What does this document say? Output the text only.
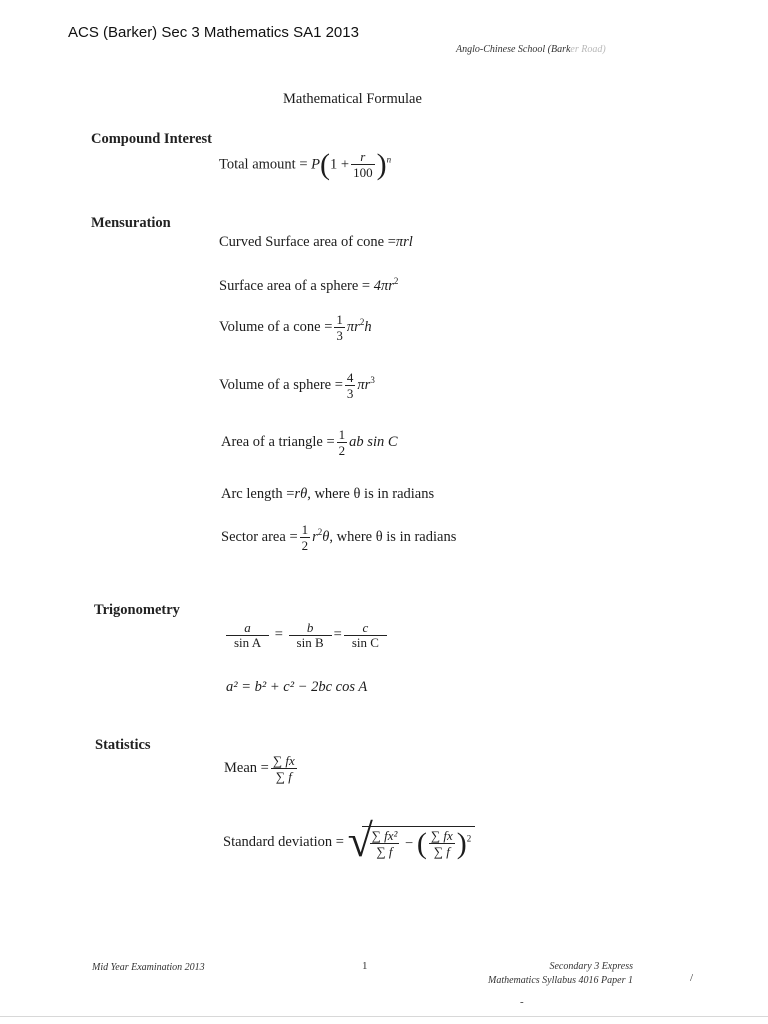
ACS (Barker) Sec 3 Mathematics SA1 2013
Anglo-Chinese School (Barker Road)
Mathematical Formulae
Compound Interest
Total amount = $P(1 + \frac{r}{100} )^n$
Mensuration
Curved Surface area of cone =πrl
Surface area of a sphere = $4\pi r^2$
Volume of a cone = $\frac{1}{3} \pi r^2h$
Volume of a sphere = $\frac{4}{3} \pi r^3$
Area of a triangle = $\frac{1}{2}$ ab sin C
Arc length =rθ, where θ is in radians
Sector area = $\frac{1}{2} r^2\theta$, where θ is in radians
Trigonometry
$\frac{a}{\text{sin A}} = \frac{b}{\text{sin B}} = \frac{c}{\text{sin C}}$
a² = b² + c² − 2bc cos A
Statistics
Mean = $\frac{\sum fx}{\sum f}$
Standard deviation = √
$\frac{\text{∑ fx²}}{\sum f}$ − ( $\frac{\sum fx}{\sum f} )^2$
Mid Year Examination 2013	1	Secondary 3 Express
Mathematics Syllabus 4016 Paper 1	/
-
